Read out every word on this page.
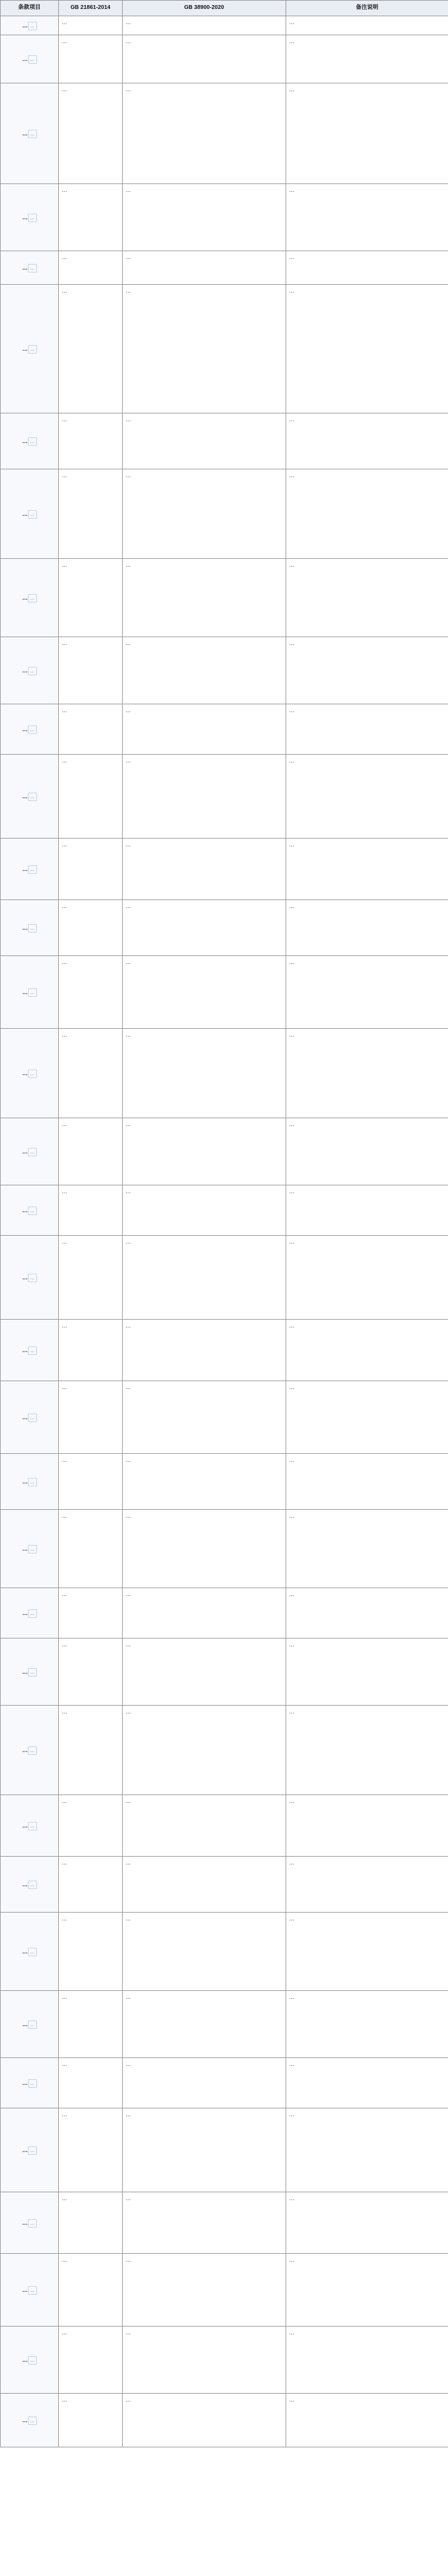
条款项目	GB 21861-2014	GB 38900-2020	备注说明
… …	…	…	…
… …	…	…	…
… …	…	…	…
… …	…	…	…
… …	…	…	…
… …	…	…	…
… …	…	…	…
… …	…	…	…
… …	…	…	…
… …	…	…	…
… …	…	…	…
… …	…	…	…
… …	…	…	…
… …	…	…	…
… …	…	…	…
… …	…	…	…
… …	…	…	…
… …	…	…	…
… …	…	…	…
… …	…	…	…
… …	…	…	…
… …	…	…	…
… …	…	…	…
… …	…	…	…
… …	…	…	…
… …	…	…	…
… …	…	…	…
… …	…	…	…
… …	…	…	…
… …	…	…	…
… …	…	…	…
… …	…	…	…
… …	…	…	…
… …	…	…	…
… …	…	…	…
… …	…	…	…
